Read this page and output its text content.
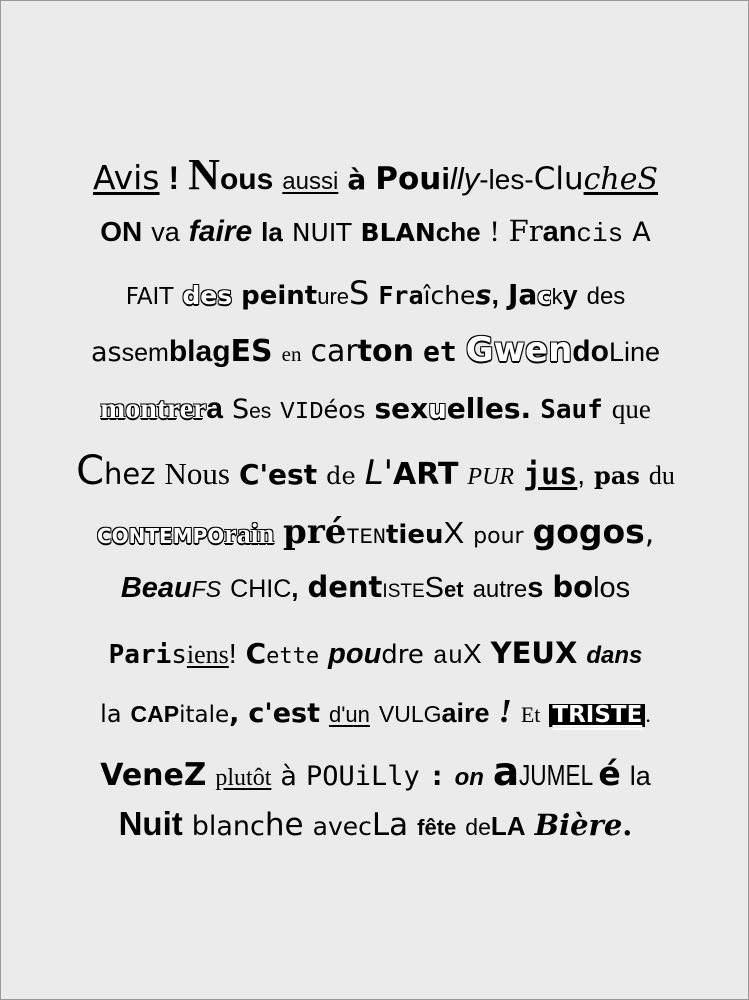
Avis ! N ous aussi à Pou i lly -les- Clu cheS
ON va faire la NUIT BLAN che ! Fr an cis A
FAIT des peint ure S Fra îche s , Ja c k y des
as sem blag ES en car ton et Gwen do Line
montrer a S es VID éos sex u elles. Sauf que
C hez Nous C'est de L' ART PUR jus , pas du
CONTEMPO rain pré TEN tieu X pour gogos ,
Beau FS CHIC , dent ISTE S et autre s bo los
Pari s iens ! C ette pou dre au X YEUX dans
la CAP itale , c'est d'un VULG aire ! Et TRISTE .
Vene Z plutôt à POUiLly : on a JUMEL é la
Nuit blanc he avec La fête de LA Bière .
